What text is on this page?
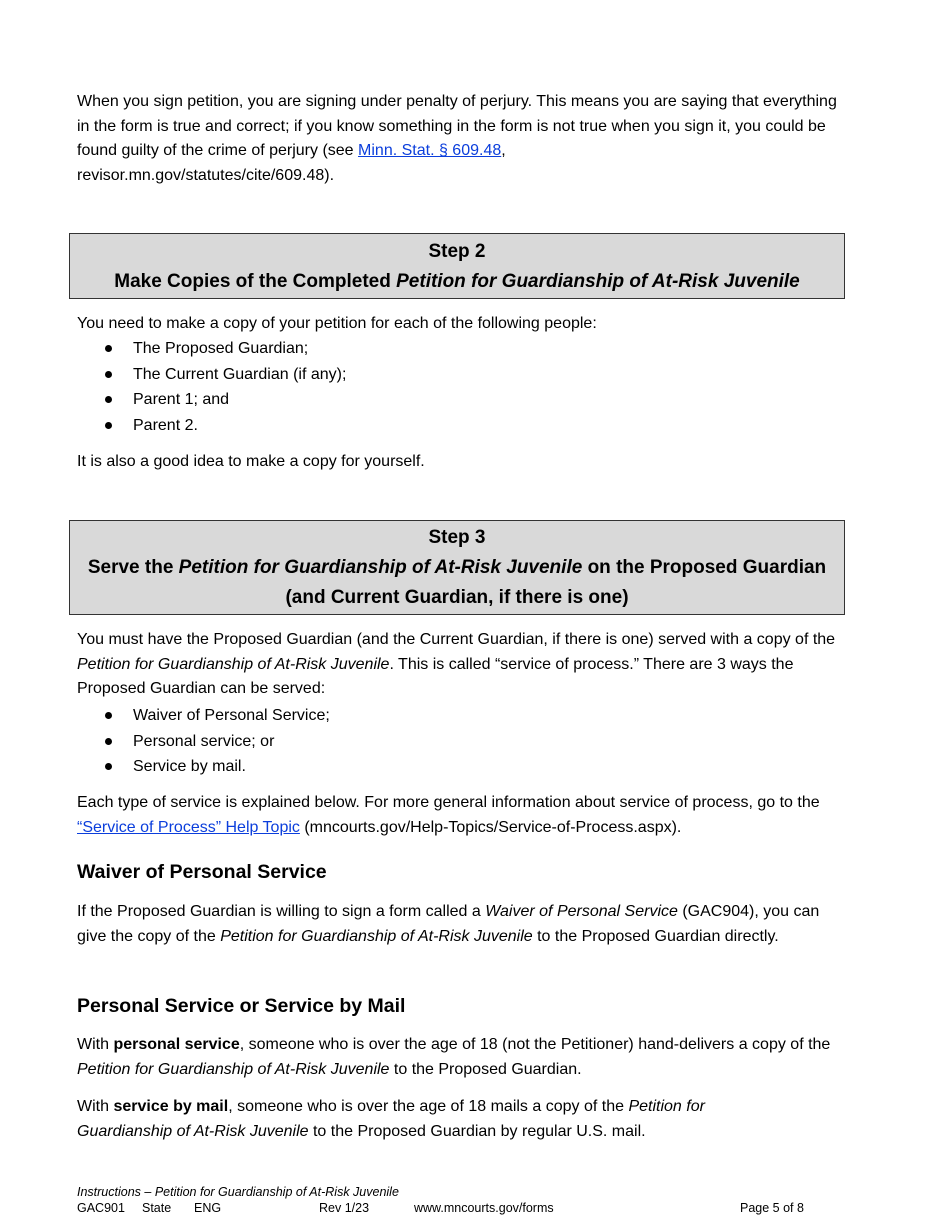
When you sign petition, you are signing under penalty of perjury. This means you are saying that everything in the form is true and correct; if you know something in the form is not true when you sign it, you could be found guilty of the crime of perjury (see Minn. Stat. § 609.48,
revisor.mn.gov/statutes/cite/609.48).

Step 2
Make Copies of the Completed Petition for Guardianship of At-Risk Juvenile

You need to make a copy of your petition for each of the following people:

The Proposed Guardian;
The Current Guardian (if any);
Parent 1; and
Parent 2.

It is also a good idea to make a copy for yourself.

Step 3
Serve the Petition for Guardianship of At-Risk Juvenile on the Proposed Guardian
(and Current Guardian, if there is one)

You must have the Proposed Guardian (and the Current Guardian, if there is one) served with a copy of the Petition for Guardianship of At-Risk Juvenile. This is called “service of process.” There are 3 ways the Proposed Guardian can be served:

Waiver of Personal Service;
Personal service; or
Service by mail.

Each type of service is explained below. For more general information about service of process, go to the “Service of Process” Help Topic (mncourts.gov/Help-Topics/Service-of-Process.aspx).

Waiver of Personal Service

If the Proposed Guardian is willing to sign a form called a Waiver of Personal Service (GAC904), you can give the copy of the Petition for Guardianship of At-Risk Juvenile to the Proposed Guardian directly.

Personal Service or Service by Mail

With personal service, someone who is over the age of 18 (not the Petitioner) hand-delivers a copy of the Petition for Guardianship of At-Risk Juvenile to the Proposed Guardian.

With service by mail, someone who is over the age of 18 mails a copy of the Petition for Guardianship of At-Risk Juvenile to the Proposed Guardian by regular U.S. mail.

Instructions – Petition for Guardianship of At-Risk Juvenile
GAC901 State ENG	Rev 1/23	www.mncourts.gov/forms	Page 5 of 8
